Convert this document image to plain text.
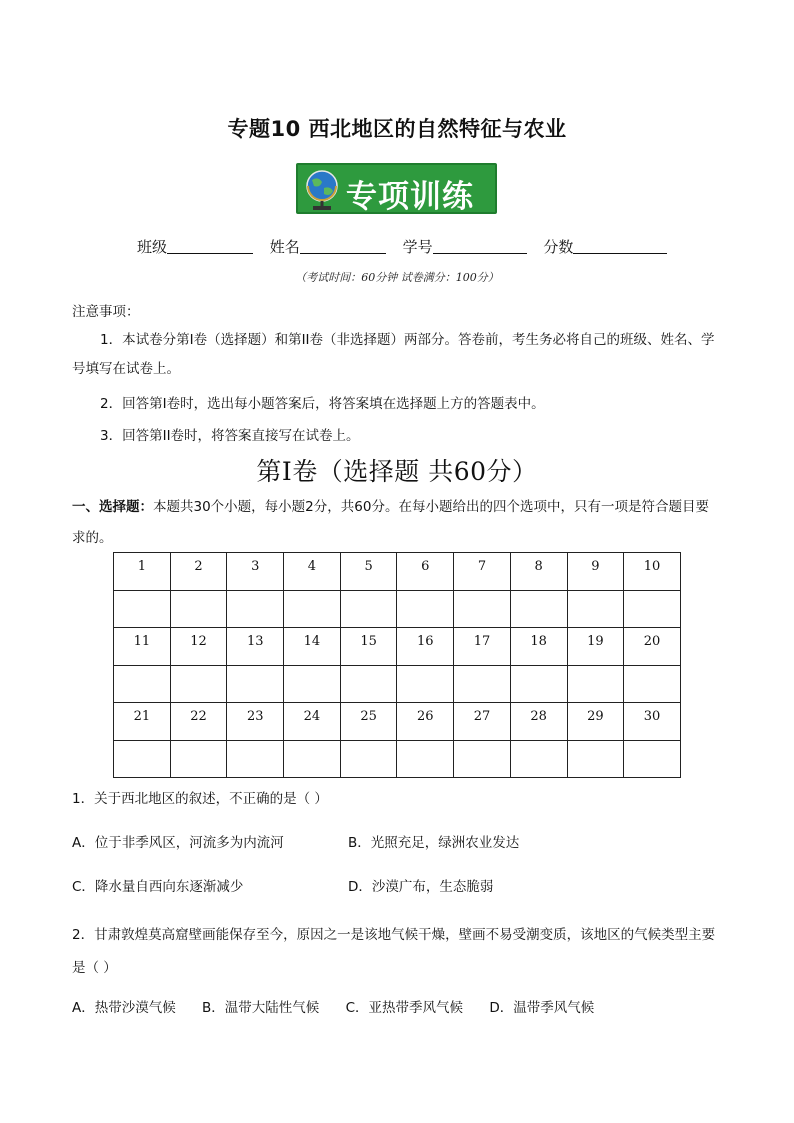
专题10 西北地区的自然特征与农业
专项训练
班级	姓名	学号	分数
（考试时间：60分钟 试卷满分：100分）
注意事项：
1．本试卷分第I卷（选择题）和第II卷（非选择题）两部分。答卷前，考生务必将自己的班级、姓名、学号填写在试卷上。
2．回答第I卷时，选出每小题答案后，将答案填在选择题上方的答题表中。
3．回答第II卷时，将答案直接写在试卷上。
第I卷（选择题 共60分）
一、选择题：本题共30个小题，每小题2分，共60分。在每小题给出的四个选项中，只有一项是符合题目要求的。
1	2	3	4	5	6	7	8	9	10

11	12	13	14	15	16	17	18	19	20

21	22	23	24	25	26	27	28	29	30

1．关于西北地区的叙述，不正确的是（ ）
A．位于非季风区，河流多为内流河	B．光照充足，绿洲农业发达
C．降水量自西向东逐渐减少	D．沙漠广布，生态脆弱
2．甘肃敦煌莫高窟壁画能保存至今，原因之一是该地气候干燥，壁画不易受潮变质，该地区的气候类型主要是（ ）
A．热带沙漠气候 B．温带大陆性气候 C．亚热带季风气候 D．温带季风气候
